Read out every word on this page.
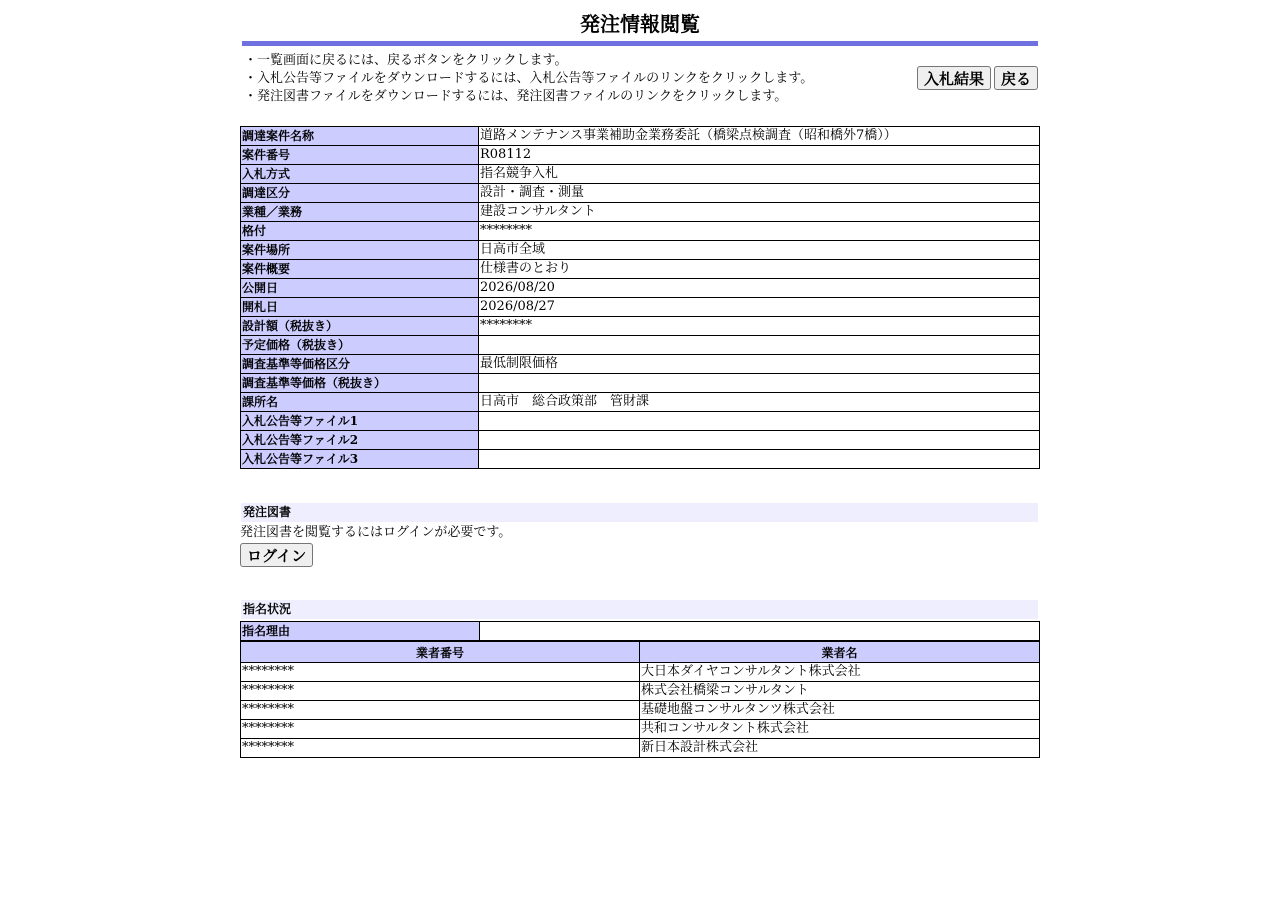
発注情報閲覧
・一覧画面に戻るには、戻るボタンをクリックします。
・入札公告等ファイルをダウンロードするには、入札公告等ファイルのリンクをクリックします。
・発注図書ファイルをダウンロードするには、発注図書ファイルのリンクをクリックします。
入札結果	戻る
調達案件名称	道路メンテナンス事業補助金業務委託（橋梁点検調査（昭和橋外7橋））
案件番号	R08112
入札方式	指名競争入札
調達区分	設計・調査・測量
業種／業務	建設コンサルタント
格付	********
案件場所	日高市全域
案件概要	仕様書のとおり
公開日	2026/08/20
開札日	2026/08/27
設計額（税抜き）	********
予定価格（税抜き）	
調査基準等価格区分	最低制限価格
調査基準等価格（税抜き）	
課所名	日高市　総合政策部　管財課
入札公告等ファイル1	
入札公告等ファイル2	
入札公告等ファイル3	
発注図書
発注図書を閲覧するにはログインが必要です。
ログイン
指名状況
指名理由	
業者番号	業者名
********	大日本ダイヤコンサルタント株式会社
********	株式会社橋梁コンサルタント
********	基礎地盤コンサルタンツ株式会社
********	共和コンサルタント株式会社
********	新日本設計株式会社
